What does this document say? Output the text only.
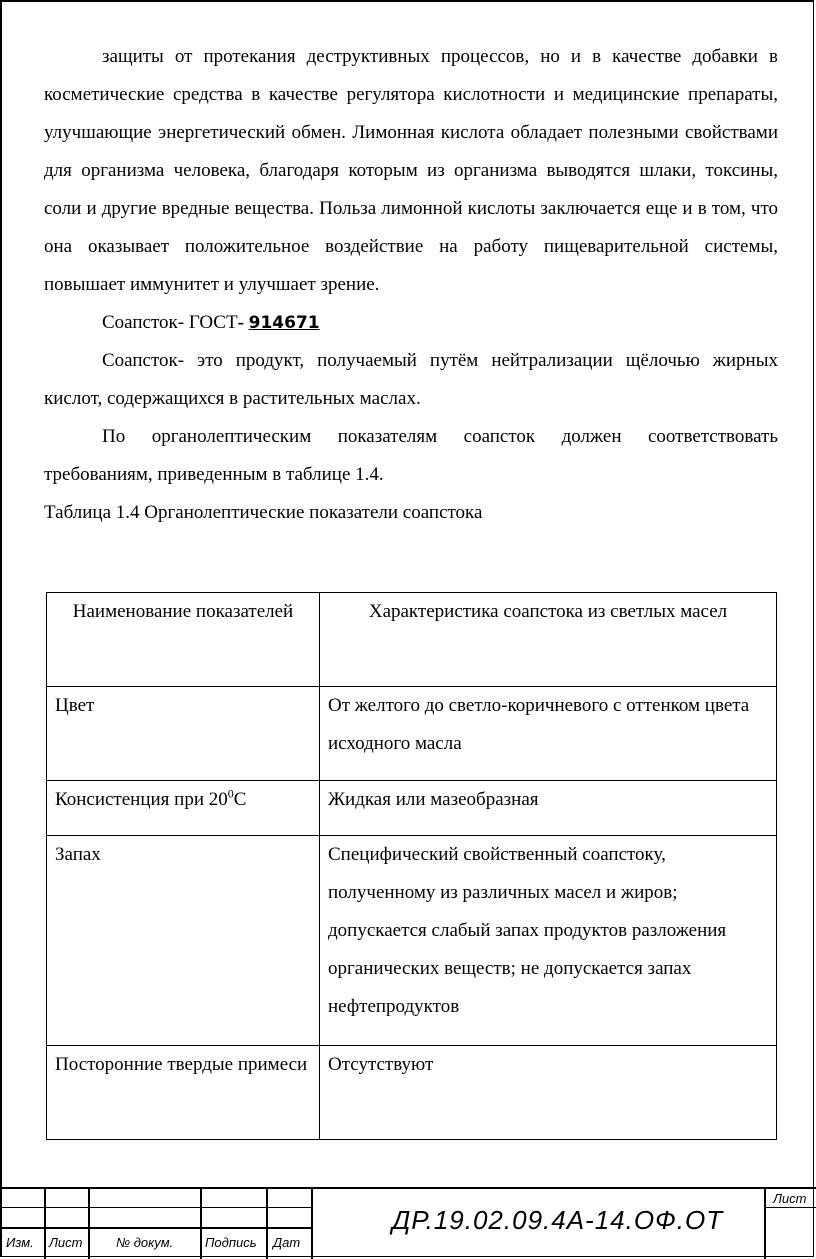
защиты от протекания деструктивных процессов, но и в качестве добавки в косметические средства в качестве регулятора кислотности и медицинские препараты, улучшающие энергетический обмен. Лимонная кислота обладает полезными свойствами для организма человека, благодаря которым из организма выводятся шлаки, токсины, соли и другие вредные вещества. Польза лимонной кислоты заключается еще и в том, что она оказывает положительное воздействие на работу пищеварительной системы, повышает иммунитет и улучшает зрение.

Соапсток- ГОСТ- 914671

Соапсток- это продукт, получаемый путём нейтрализации щёлочью жирных кислот, содержащихся в растительных маслах.

По органолептическим показателям соапсток должен соответствовать требованиям, приведенным в таблице 1.4.

Таблица 1.4 Органолептические показатели соапстока

Наименование показателей	Характеристика соапстока из светлых масел
Цвет	От желтого до светло-коричневого с оттенком цвета исходного масла
Консистенция при $20^0С$	Жидкая или мазеобразная
Запах	Специфический свойственный соапстоку, полученному из различных масел и жиров; допускается слабый запах продуктов разложения органических веществ; не допускается запах нефтепродуктов
Посторонние твердые примеси	Отсутствуют
Изм. Лист	№ докум. Подпись Дат
Лист
ДР.19.02.09.4А-14.ОФ.ОТ
